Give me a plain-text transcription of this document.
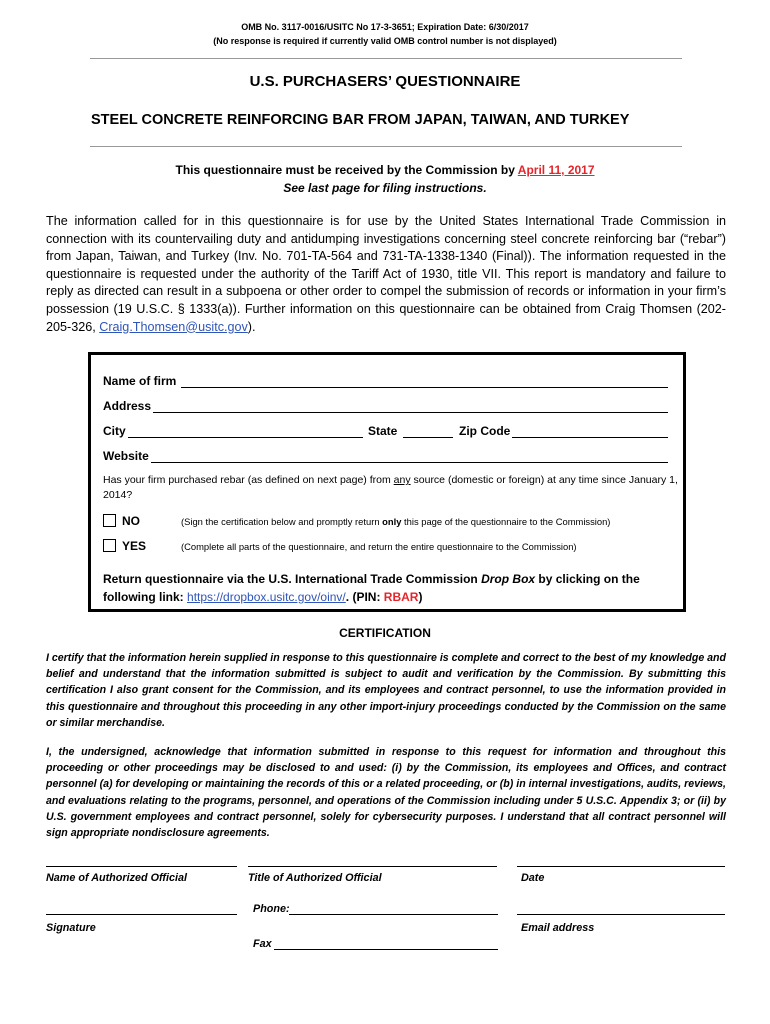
OMB No. 3117-0016/USITC No 17-3-3651; Expiration Date: 6/30/2017
(No response is required if currently valid OMB control number is not displayed)
U.S. PURCHASERS’ QUESTIONNAIRE
STEEL CONCRETE REINFORCING BAR FROM JAPAN, TAIWAN, AND TURKEY
This questionnaire must be received by the Commission by April 11, 2017
See last page for filing instructions.
The information called for in this questionnaire is for use by the United States International Trade Commission in connection with its countervailing duty and antidumping investigations concerning steel concrete reinforcing bar (“rebar”) from Japan, Taiwan, and Turkey (Inv. No. 701-TA-564 and 731-TA-1338-1340 (Final)). The information requested in the questionnaire is requested under the authority of the Tariff Act of 1930, title VII. This report is mandatory and failure to reply as directed can result in a subpoena or other order to compel the submission of records or information in your firm’s possession (19 U.S.C. § 1333(a)). Further information on this questionnaire can be obtained from Craig Thomsen (202-205-326, Craig.Thomsen@usitc.gov).
Name of firm
Address
City	State	Zip Code
Website
Has your firm purchased rebar (as defined on next page) from any source (domestic or foreign) at any time since January 1, 2014?
NO	(Sign the certification below and promptly return only this page of the questionnaire to the Commission)
YES	(Complete all parts of the questionnaire, and return the entire questionnaire to the Commission)
Return questionnaire via the U.S. International Trade Commission Drop Box by clicking on the following link: https://dropbox.usitc.gov/oinv/. (PIN: RBAR)
CERTIFICATION
I certify that the information herein supplied in response to this questionnaire is complete and correct to the best of my knowledge and belief and understand that the information submitted is subject to audit and verification by the Commission. By submitting this certification I also grant consent for the Commission, and its employees and contract personnel, to use the information provided in this questionnaire and throughout this proceeding in any other import-injury proceedings conducted by the Commission on the same or similar merchandise.
I, the undersigned, acknowledge that information submitted in response to this request for information and throughout this proceeding or other proceedings may be disclosed to and used: (i) by the Commission, its employees and Offices, and contract personnel (a) for developing or maintaining the records of this or a related proceeding, or (b) in internal investigations, audits, reviews, and evaluations relating to the programs, personnel, and operations of the Commission including under 5 U.S.C. Appendix 3; or (ii) by U.S. government employees and contract personnel, solely for cybersecurity purposes. I understand that all contract personnel will sign appropriate nondisclosure agreements.
Name of Authorized Official	Title of Authorized Official	Date
Phone:
Signature	Email address
Fax
